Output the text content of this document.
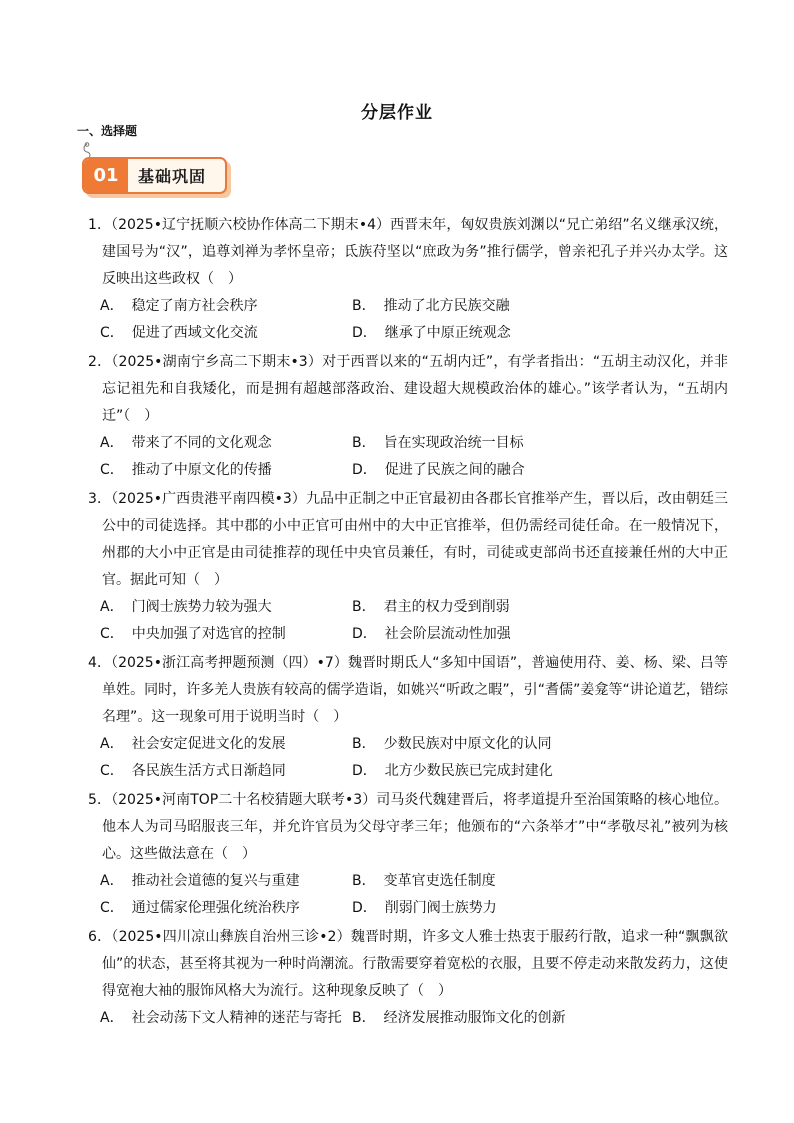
分层作业
一、选择题
01	基础巩固
1．（2025•辽宁抚顺六校协作体高二下期末•4）西晋末年，匈奴贵族刘渊以“兄亡弟绍”名义继承汉统，建国号为“汉”，追尊刘禅为孝怀皇帝；氐族苻坚以“庶政为务”推行儒学，曾亲祀孔子并兴办太学。这反映出这些政权（　）
A． 稳定了南方社会秩序	B． 推动了北方民族交融
C． 促进了西域文化交流	D． 继承了中原正统观念
2．（2025•湖南宁乡高二下期末•3）对于西晋以来的“五胡内迁”，有学者指出：“五胡主动汉化，并非忘记祖先和自我矮化，而是拥有超越部落政治、建设超大规模政治体的雄心。”该学者认为，“五胡内迁”（　）
A． 带来了不同的文化观念	B． 旨在实现政治统一目标
C． 推动了中原文化的传播	D． 促进了民族之间的融合
3．（2025•广西贵港平南四模•3）九品中正制之中正官最初由各郡长官推举产生，晋以后，改由朝廷三公中的司徒选择。其中郡的小中正官可由州中的大中正官推举，但仍需经司徒任命。在一般情况下，州郡的大小中正官是由司徒推荐的现任中央官员兼任，有时，司徒或吏部尚书还直接兼任州的大中正官。据此可知（　）
A． 门阀士族势力较为强大	B． 君主的权力受到削弱
C． 中央加强了对选官的控制	D． 社会阶层流动性加强
4．（2025•浙江高考押题预测（四）•7）魏晋时期氐人“多知中国语”，普遍使用苻、姜、杨、梁、吕等单姓。同时，许多羌人贵族有较高的儒学造诣，如姚兴“听政之暇”，引“耆儒”姜龛等“讲论道艺，错综名理”。这一现象可用于说明当时（　）
A． 社会安定促进文化的发展	B． 少数民族对中原文化的认同
C． 各民族生活方式日渐趋同	D． 北方少数民族已完成封建化
5．（2025•河南TOP二十名校猜题大联考•3）司马炎代魏建晋后，将孝道提升至治国策略的核心地位。他本人为司马昭服丧三年，并允许官员为父母守孝三年；他颁布的“六条举才”中“孝敬尽礼”被列为核心。这些做法意在（　）
A． 推动社会道德的复兴与重建	B． 变革官吏选任制度
C． 通过儒家伦理强化统治秩序	D． 削弱门阀士族势力
6．（2025•四川凉山彝族自治州三诊•2）魏晋时期，许多文人雅士热衷于服药行散，追求一种“飘飘欲仙”的状态，甚至将其视为一种时尚潮流。行散需要穿着宽松的衣服，且要不停走动来散发药力，这使得宽袍大袖的服饰风格大为流行。这种现象反映了（　）
A． 社会动荡下文人精神的迷茫与寄托 B． 经济发展推动服饰文化的创新
